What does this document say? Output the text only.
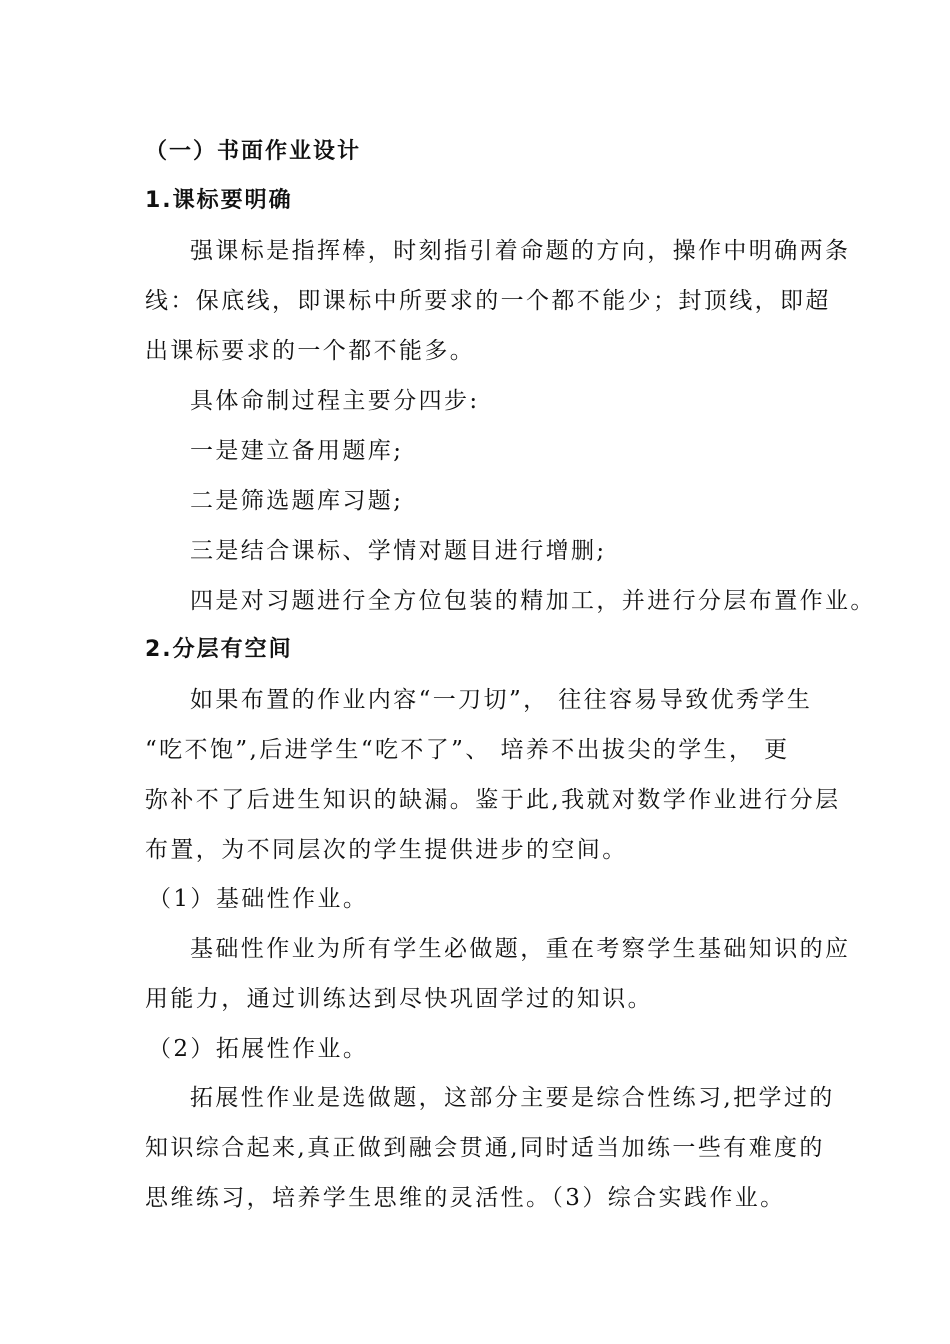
（一）书面作业设计
1.课标要明确
强课标是指挥棒，时刻指引着命题的方向，操作中明确两条
线：保底线，即课标中所要求的一个都不能少；封顶线，即超
出课标要求的一个都不能多。
具体命制过程主要分四步:
一是建立备用题库;
二是筛选题库习题;
三是结合课标、学情对题目进行增删;
四是对习题进行全方位包装的精加工，并进行分层布置作业。
2.分层有空间
如果布置的作业内容“一刀切”， 往往容易导致优秀学生
“吃不饱”,后进学生“吃不了”、 培养不出拔尖的学生， 更
弥补不了后进生知识的缺漏。鉴于此,我就对数学作业进行分层
布置，为不同层次的学生提供进步的空间。
（1）基础性作业。
基础性作业为所有学生必做题，重在考察学生基础知识的应
用能力，通过训练达到尽快巩固学过的知识。
（2）拓展性作业。
拓展性作业是选做题，这部分主要是综合性练习,把学过的
知识综合起来,真正做到融会贯通,同时适当加练一些有难度的
思维练习，培养学生思维的灵活性。（3）综合实践作业。
